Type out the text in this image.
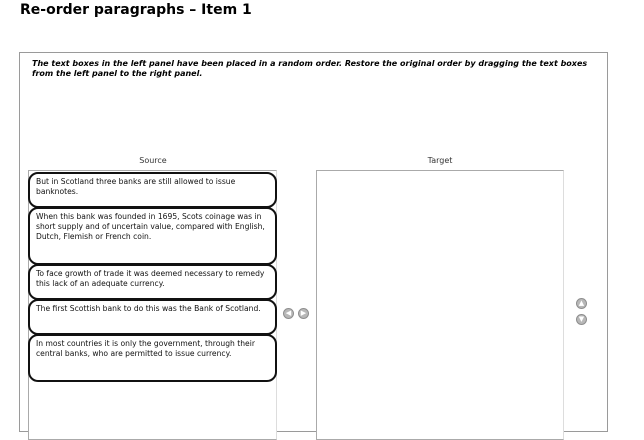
Re-order paragraphs – Item 1
The text boxes in the left panel have been placed in a random order. Restore the original order by dragging the text boxes from the left panel to the right panel.
Source	Target
But in Scotland three banks are still allowed to issue banknotes.
When this bank was founded in 1695, Scots coinage was in short supply and of uncertain value, compared with English, Dutch, Flemish or French coin.
To face growth of trade it was deemed necessary to remedy this lack of an adequate currency.
The first Scottish bank to do this was the Bank of Scotland.
In most countries it is only the government, through their central banks, who are permitted to issue currency.
◀	▶
▲
▼
